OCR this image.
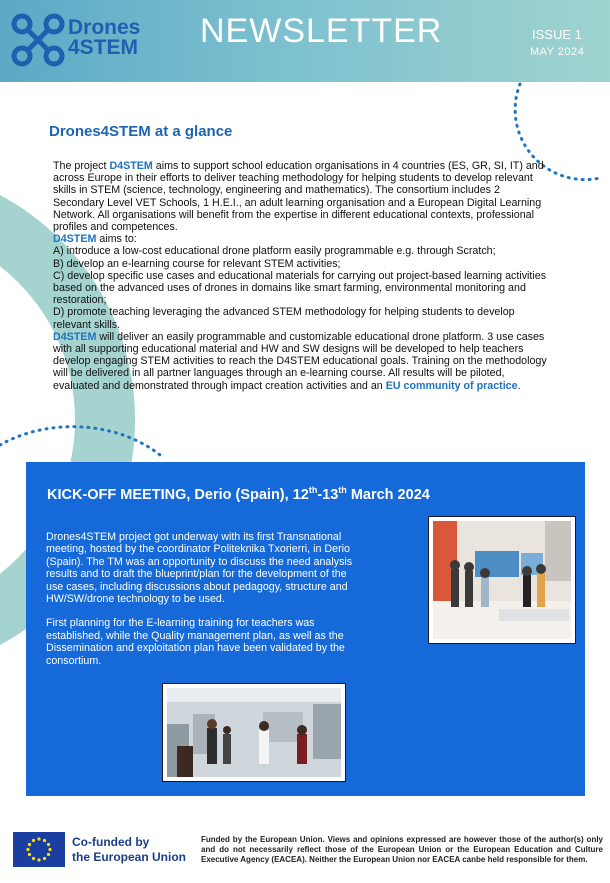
Drones
4STEM NEWSLETTER	ISSUE 1
MAY 2024
Drones4STEM at a glance

The project D4STEM aims to support school education organisations in 4 countries (ES, GR, SI, IT) and across Europe in their efforts to deliver teaching methodology for helping students to develop relevant skills in STEM (science, technology, engineering and mathematics). The consortium includes 2 Secondary Level VET Schools, 1 H.E.I., an adult learning organisation and a European Digital Learning Network. All organisations will benefit from the expertise in different educational contexts, professional profiles and competences.

D4STEM aims to:

A) introduce a low-cost educational drone platform easily programmable e.g. through Scratch;

B) develop an e-learning course for relevant STEM activities;

C) develop specific use cases and educational materials for carrying out project-based learning activities based on the advanced uses of drones in domains like smart farming, environmental monitoring and restoration;

D) promote teaching leveraging the advanced STEM methodology for helping students to develop relevant skills.

D4STEM will deliver an easily programmable and customizable educational drone platform. 3 use cases with all supporting educational material and HW and SW designs will be developed to help teachers develop engaging STEM activities to reach the D4STEM educational goals. Training on the methodology will be delivered in all partner languages through an e-learning course. All results will be piloted, evaluated and demonstrated through impact creation activities and an EU community of practice.

KICK-OFF MEETING, Derio (Spain), 12th-13th March 2024

Drones4STEM project got underway with its first Transnational meeting, hosted by the coordinator Politeknika Txorierri, in Derio (Spain). The TM was an opportunity to discuss the need analysis results and to draft the blueprint/plan for the development of the use cases, including discussions about pedagogy, structure and HW/SW/drone technology to be used.

First planning for the E-learning training for teachers was established, while the Quality management plan, as well as the Dissemination and exploitation plan have been validated by the consortium.

Co-funded by
the European Union
Funded by the European Union. Views and opinions expressed are however those of the author(s) only and do not necessarily reflect those of the European Union or the European Education and Culture Executive Agency (EACEA). Neither the European Union nor EACEA canbe held responsible for them.
